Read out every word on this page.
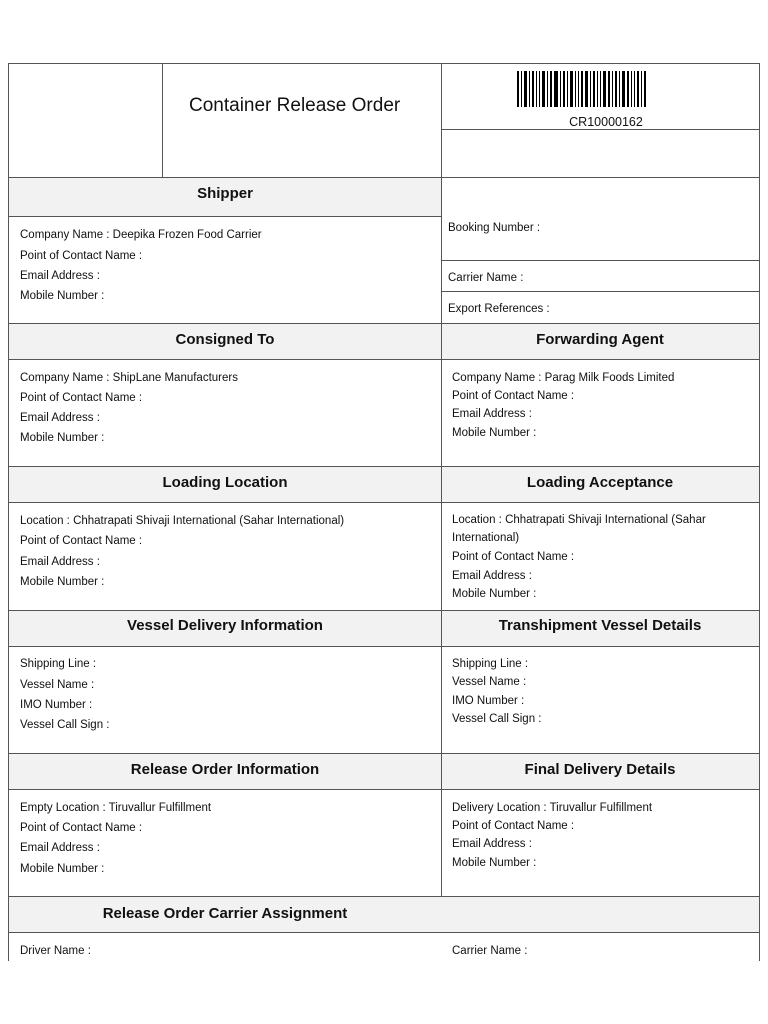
Container Release Order
CR10000162
Shipper
Company Name : Deepika Frozen Food Carrier
Point of Contact Name :
Email Address :
Mobile Number :
Booking Number :
Carrier Name :
Export References :
Consigned To
Company Name : ShipLane Manufacturers
Point of Contact Name :
Email Address :
Mobile Number :
Forwarding Agent
Company Name : Parag Milk Foods Limited
Point of Contact Name :
Email Address :
Mobile Number :
Loading Location
Location : Chhatrapati Shivaji International (Sahar International)
Point of Contact Name :
Email Address :
Mobile Number :
Loading Acceptance
Location : Chhatrapati Shivaji International (Sahar International)
Point of Contact Name :
Email Address :
Mobile Number :
Vessel Delivery Information
Shipping Line :
Vessel Name :
IMO Number :
Vessel Call Sign :
Transhipment Vessel Details
Shipping Line :
Vessel Name :
IMO Number :
Vessel Call Sign :
Release Order Information
Empty Location : Tiruvallur Fulfillment
Point of Contact Name :
Email Address :
Mobile Number :
Final Delivery Details
Delivery Location : Tiruvallur Fulfillment
Point of Contact Name :
Email Address :
Mobile Number :
Release Order Carrier Assignment
Driver Name :	Carrier Name :
